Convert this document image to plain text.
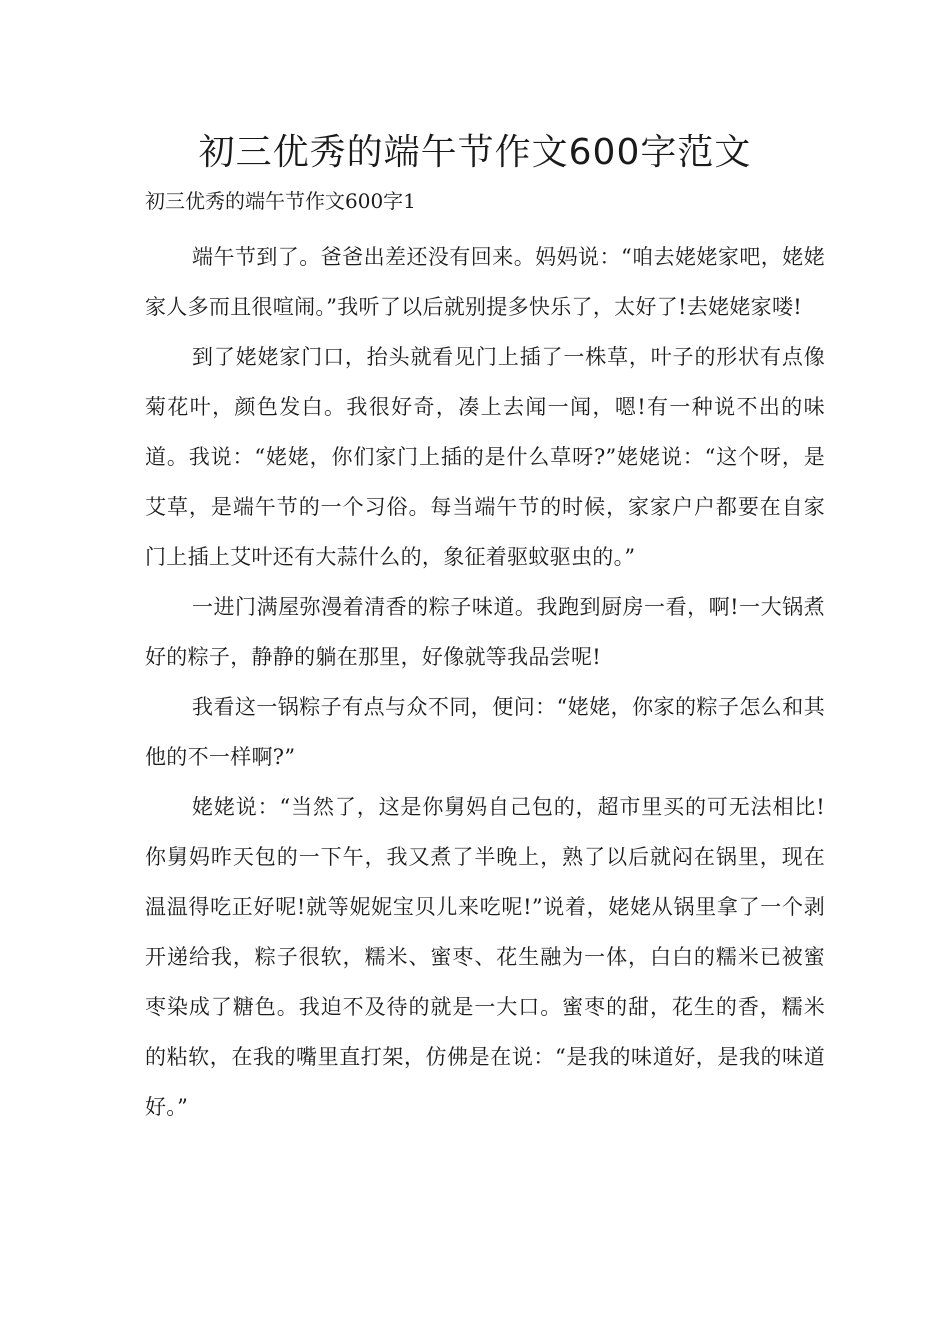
初三优秀的端午节作文600字范文

初三优秀的端午节作文600字1

端午节到了。爸爸出差还没有回来。妈妈说：“咱去姥姥家吧，姥姥家人多而且很喧闹。”我听了以后就别提多快乐了，太好了!去姥姥家喽!

到了姥姥家门口，抬头就看见门上插了一株草，叶子的形状有点像菊花叶，颜色发白。我很好奇，凑上去闻一闻，嗯!有一种说不出的味道。我说：“姥姥，你们家门上插的是什么草呀?”姥姥说：“这个呀，是艾草，是端午节的一个习俗。每当端午节的时候，家家户户都要在自家门上插上艾叶还有大蒜什么的，象征着驱蚊驱虫的。”

一进门满屋弥漫着清香的粽子味道。我跑到厨房一看，啊!一大锅煮好的粽子，静静的躺在那里，好像就等我品尝呢!

我看这一锅粽子有点与众不同，便问：“姥姥，你家的粽子怎么和其他的不一样啊?”

姥姥说：“当然了，这是你舅妈自己包的，超市里买的可无法相比!你舅妈昨天包的一下午，我又煮了半晚上，熟了以后就闷在锅里，现在温温得吃正好呢!就等妮妮宝贝儿来吃呢!”说着，姥姥从锅里拿了一个剥开递给我，粽子很软，糯米、蜜枣、花生融为一体，白白的糯米已被蜜枣染成了糖色。我迫不及待的就是一大口。蜜枣的甜，花生的香，糯米的粘软，在我的嘴里直打架，仿佛是在说：“是我的味道好，是我的味道好。”
